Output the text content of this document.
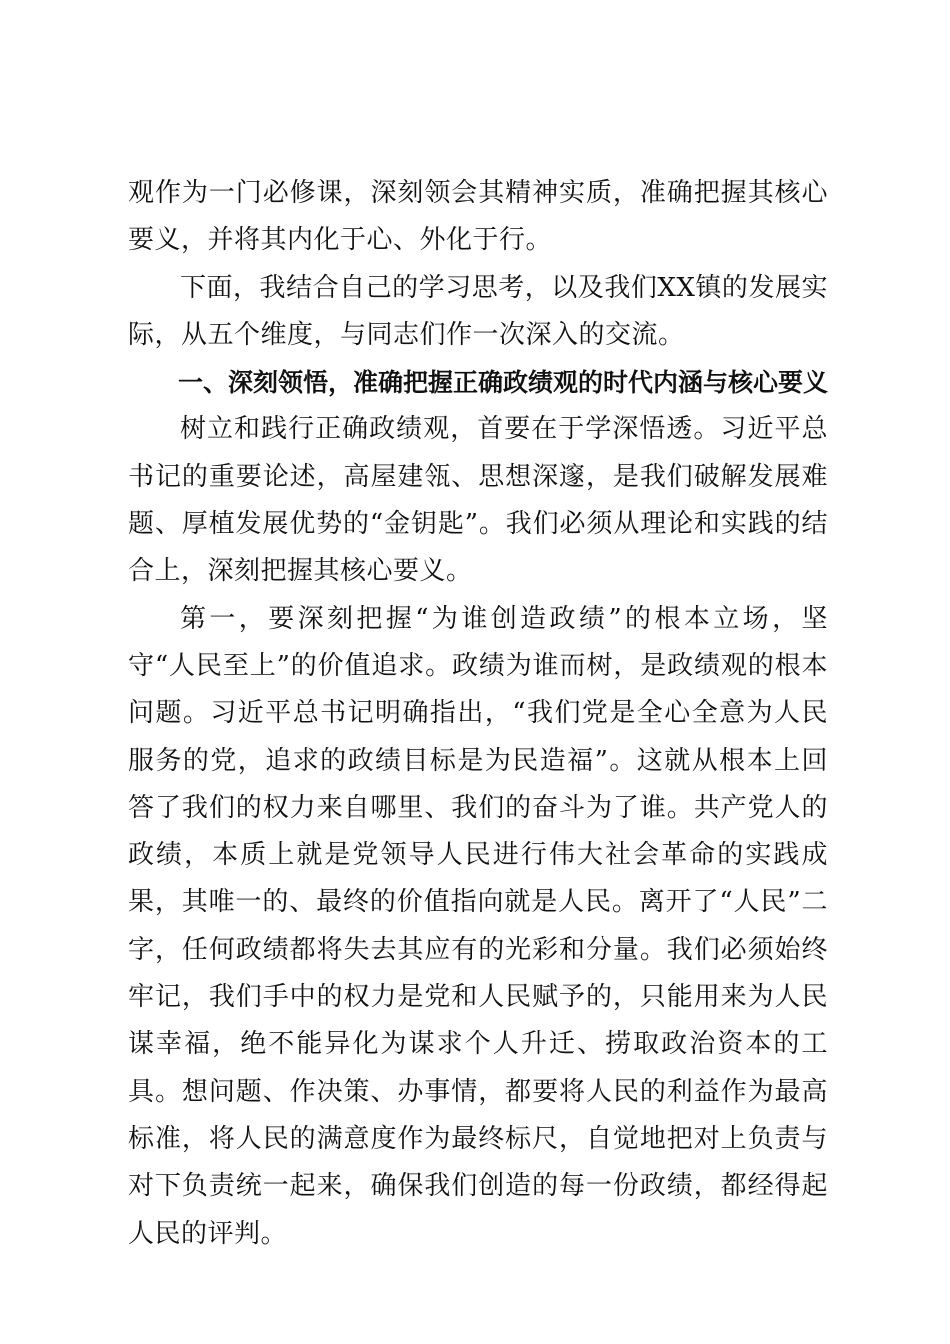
观作为一门必修课，深刻领会其精神实质，准确把握其核心要义，并将其内化于心、外化于行。

下面，我结合自己的学习思考，以及我们XX镇的发展实际，从五个维度，与同志们作一次深入的交流。

一、深刻领悟，准确把握正确政绩观的时代内涵与核心要义

树立和践行正确政绩观，首要在于学深悟透。习近平总书记的重要论述，高屋建瓴、思想深邃，是我们破解发展难题、厚植发展优势的“金钥匙”。我们必须从理论和实践的结合上，深刻把握其核心要义。

第一，要深刻把握“为谁创造政绩”的根本立场，坚守“人民至上”的价值追求。政绩为谁而树，是政绩观的根本问题。习近平总书记明确指出，“我们党是全心全意为人民服务的党，追求的政绩目标是为民造福”。这就从根本上回答了我们的权力来自哪里、我们的奋斗为了谁。共产党人的政绩，本质上就是党领导人民进行伟大社会革命的实践成果，其唯一的、最终的价值指向就是人民。离开了“人民”二字，任何政绩都将失去其应有的光彩和分量。我们必须始终牢记，我们手中的权力是党和人民赋予的，只能用来为人民谋幸福，绝不能异化为谋求个人升迁、捞取政治资本的工具。想问题、作决策、办事情，都要将人民的利益作为最高标准，将人民的满意度作为最终标尺，自觉地把对上负责与对下负责统一起来，确保我们创造的每一份政绩，都经得起人民的评判。
